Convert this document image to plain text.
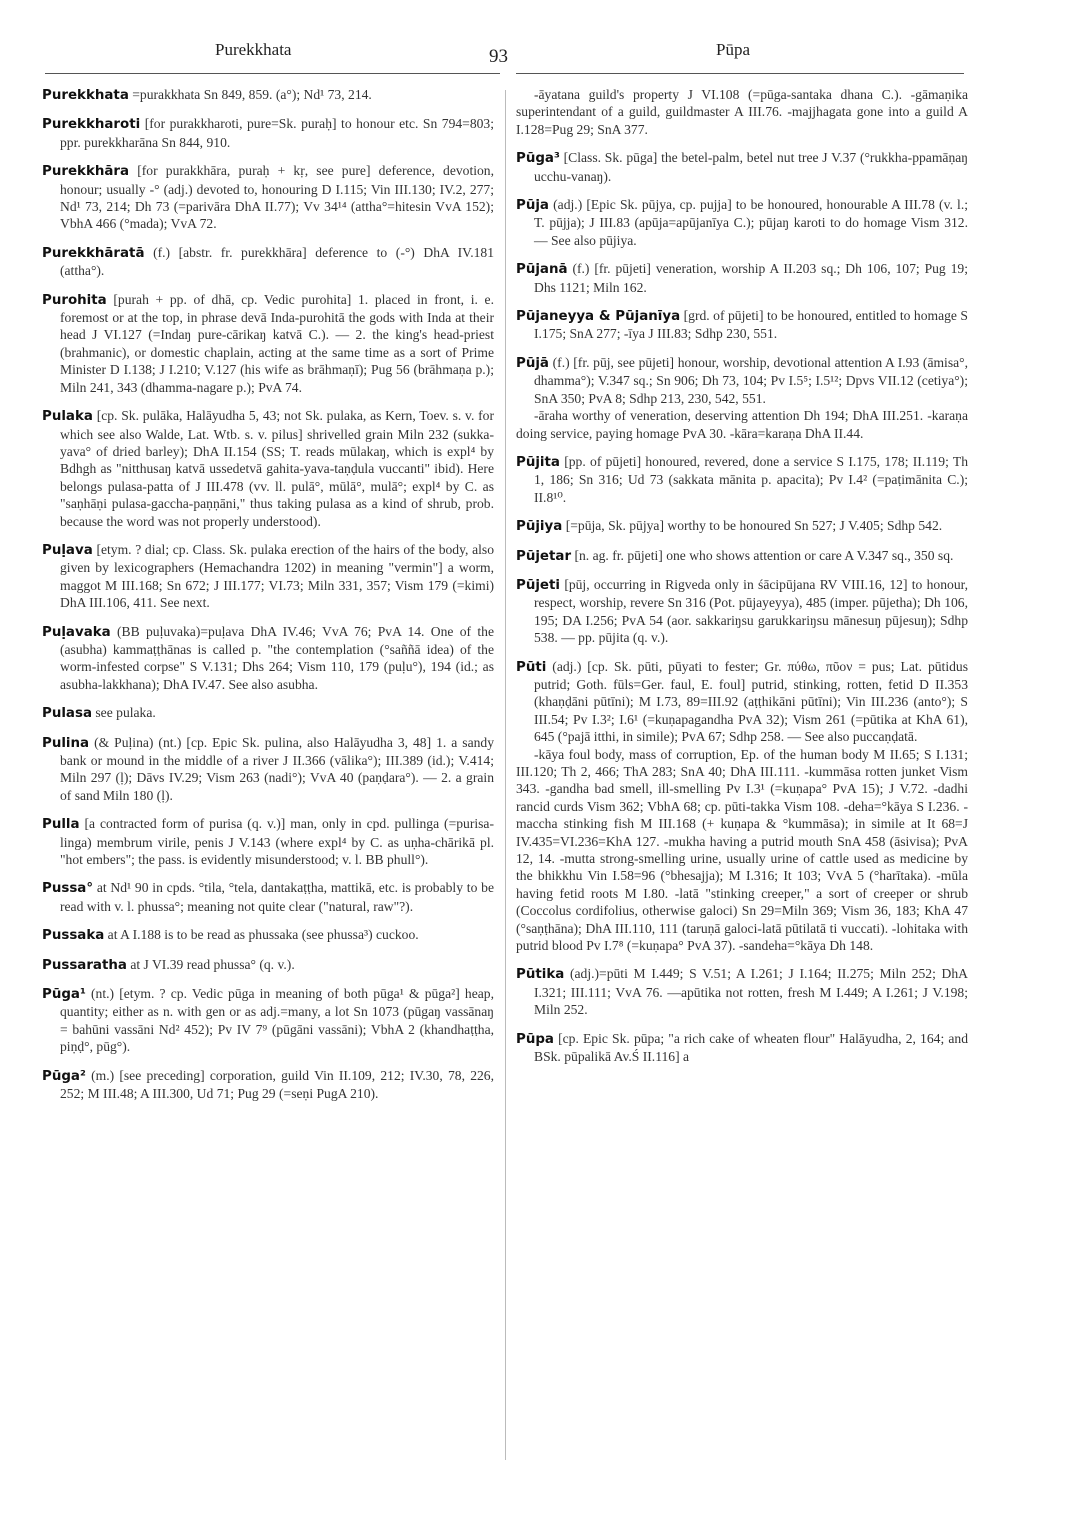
Purekkhata	93	Pūpa
Purekkhata =purakkhata Sn 849, 859. (a°); Nd¹ 73, 214.
Purekkharoti [for purakkharoti, pure=Sk. puraḥ] to honour etc. Sn 794=803; ppr. purekkharāna Sn 844, 910.
Purekkhāra [for purakkhāra, puraḥ + kṛ, see pure] deference, devotion, honour; usually -° (adj.) devoted to, honouring D I.115; Vin III.130; IV.2, 277; Nd¹ 73, 214; Dh 73 (=parivāra DhA II.77); Vv 34¹⁴ (attha°=hitesin VvA 152); VbhA 466 (°mada); VvA 72.
Purekkhāratā (f.) [abstr. fr. purekkhāra] deference to (-°) DhA IV.181 (attha°).
Purohita [purah + pp. of dhā, cp. Vedic purohita] 1. placed in front, i. e. foremost or at the top, in phrase devā Inda-purohitā the gods with Inda at their head J VI.127 (=Indaŋ pure-cārikaŋ katvā C.). — 2. the king's head-priest (brahmanic), or domestic chaplain, acting at the same time as a sort of Prime Minister D I.138; J I.210; V.127 (his wife as brāhmaṇī); Pug 56 (brāhmaṇa p.); Miln 241, 343 (dhamma-nagare p.); PvA 74.
Pulaka [cp. Sk. pulāka, Halāyudha 5, 43; not Sk. pulaka, as Kern, Toev. s. v. for which see also Walde, Lat. Wtb. s. v. pilus] shrivelled grain Miln 232 (sukka-yava° of dried barley); DhA II.154 (SS; T. reads mūlakaŋ, which is expl⁴ by Bdhgh as "nitthusaŋ katvā ussedetvā gahita-yava-taṇḍula vuccanti" ibid). Here belongs pulasa-patta of J III.478 (vv. ll. pulā°, mūlā°, mulā°; expl⁴ by C. as "saṇhāṇi pulasa-gaccha-paṇṇāni," thus taking pulasa as a kind of shrub, prob. because the word was not properly understood).
Puḷava [etym. ? dial; cp. Class. Sk. pulaka erection of the hairs of the body, also given by lexicographers (Hemachandra 1202) in meaning "vermin"] a worm, maggot M III.168; Sn 672; J III.177; VI.73; Miln 331, 357; Vism 179 (=kimi) DhA III.106, 411. See next.
Puḷavaka (BB puḷuvaka)=puḷava DhA IV.46; VvA 76; PvA 14. One of the (asubha) kammaṭṭhānas is called p. "the contemplation (°saññā idea) of the worm-infested corpse" S V.131; Dhs 264; Vism 110, 179 (puḷu°), 194 (id.; as asubha-lakkhana); DhA IV.47. See also asubha.
Pulasa see pulaka.
Pulina (& Puḷina) (nt.) [cp. Epic Sk. pulina, also Halāyudha 3, 48] 1. a sandy bank or mound in the middle of a river J II.366 (vālika°); III.389 (id.); V.414; Miln 297 (ḷ); Dāvs IV.29; Vism 263 (nadi°); VvA 40 (paṇḍara°). — 2. a grain of sand Miln 180 (ḷ).
Pulla [a contracted form of purisa (q. v.)] man, only in cpd. pullinga (=purisa-linga) membrum virile, penis J V.143 (where expl⁴ by C. as uṇha-chārikā pl. "hot embers"; the pass. is evidently misunderstood; v. l. BB phull°).
Pussa° at Nd¹ 90 in cpds. °tila, °tela, dantakaṭṭha, mattikā, etc. is probably to be read with v. l. phussa°; meaning not quite clear ("natural, raw"?).
Pussaka at A I.188 is to be read as phussaka (see phussa³) cuckoo.
Pussaratha at J VI.39 read phussa° (q. v.).
Pūga¹ (nt.) [etym. ? cp. Vedic pūga in meaning of both pūga¹ & pūga²] heap, quantity; either as n. with gen or as adj.=many, a lot Sn 1073 (pūgaŋ vassānaŋ = bahūni vassāni Nd² 452); Pv IV 7⁹ (pūgāni vassāni); VbhA 2 (khandhaṭṭha, piṇḍ°, pūg°).
Pūga² (m.) [see preceding] corporation, guild Vin II.109, 212; IV.30, 78, 226, 252; M III.48; A III.300, Ud 71; Pug 29 (=seṇi PugA 210).
-āyatana guild's property J VI.108 (=pūga-santaka dhana C.). -gāmaṇika superintendant of a guild, guildmaster A III.76. -majjhagata gone into a guild A I.128=Pug 29; SnA 377.
Pūga³ [Class. Sk. pūga] the betel-palm, betel nut tree J V.37 (°rukkha-ppamāṇaŋ ucchu-vanaŋ).
Pūja (adj.) [Epic Sk. pūjya, cp. pujja] to be honoured, honourable A III.78 (v. l.; T. pūjja); J III.83 (apūja=apūjanīya C.); pūjaŋ karoti to do homage Vism 312. — See also pūjiya.
Pūjanā (f.) [fr. pūjeti] veneration, worship A II.203 sq.; Dh 106, 107; Pug 19; Dhs 1121; Miln 162.
Pūjaneyya & Pūjanīya [grd. of pūjeti] to be honoured, entitled to homage S I.175; SnA 277; -īya J III.83; Sdhp 230, 551.
Pūjā (f.) [fr. pūj, see pūjeti] honour, worship, devotional attention A I.93 (āmisa°, dhamma°); V.347 sq.; Sn 906; Dh 73, 104; Pv I.5⁵; I.5¹²; Dpvs VII.12 (cetiya°); SnA 350; PvA 8; Sdhp 213, 230, 542, 551.
-āraha worthy of veneration, deserving attention Dh 194; DhA III.251. -karaṇa doing service, paying homage PvA 30. -kāra=karaṇa DhA II.44.
Pūjita [pp. of pūjeti] honoured, revered, done a service S I.175, 178; II.119; Th 1, 186; Sn 316; Ud 73 (sakkata mānita p. apacita); Pv I.4² (=paṭimānita C.); II.8¹⁰.
Pūjiya [=pūja, Sk. pūjya] worthy to be honoured Sn 527; J V.405; Sdhp 542.
Pūjetar [n. ag. fr. pūjeti] one who shows attention or care A V.347 sq., 350 sq.
Pūjeti [pūj, occurring in Rigveda only in śācipūjana RV VIII.16, 12] to honour, respect, worship, revere Sn 316 (Pot. pūjayeyya), 485 (imper. pūjetha); Dh 106, 195; DA I.256; PvA 54 (aor. sakkariŋsu garukkariŋsu mānesuŋ pūjesuŋ); Sdhp 538. — pp. pūjita (q. v.).
Pūti (adj.) [cp. Sk. pūti, pūyati to fester; Gr. πύθω, πῦον = pus; Lat. pūtidus putrid; Goth. fūls=Ger. faul, E. foul] putrid, stinking, rotten, fetid D II.353 (khaṇḍāni pūtīni); M I.73, 89=III.92 (aṭṭhikāni pūtīni); Vin III.236 (anto°); S III.54; Pv I.3²; I.6¹ (=kuṇapagandha PvA 32); Vism 261 (=pūtika at KhA 61), 645 (°pajā itthi, in simile); PvA 67; Sdhp 258. — See also puccaṇḍatā.
-kāya foul body, mass of corruption, Ep. of the human body M II.65; S I.131; III.120; Th 2, 466; ThA 283; SnA 40; DhA III.111. -kummāsa rotten junket Vism 343. -gandha bad smell, ill-smelling Pv I.3¹ (=kuṇapa° PvA 15); J V.72. -dadhi rancid curds Vism 362; VbhA 68; cp. pūti-takka Vism 108. -deha=°kāya S I.236. -maccha stinking fish M III.168 (+ kuṇapa & °kummāsa); in simile at It 68=J IV.435=VI.236=KhA 127. -mukha having a putrid mouth SnA 458 (āsivisa); PvA 12, 14. -mutta strong-smelling urine, usually urine of cattle used as medicine by the bhikkhu Vin I.58=96 (°bhesajja); M I.316; It 103; VvA 5 (°harītaka). -mūla having fetid roots M I.80. -latā "stinking creeper," a sort of creeper or shrub (Coccolus cordifolius, otherwise galoci) Sn 29=Miln 369; Vism 36, 183; KhA 47 (°saṇṭhāna); DhA III.110, 111 (taruṇā galoci-latā pūtilatā ti vuccati). -lohitaka with putrid blood Pv I.7⁸ (=kuṇapa° PvA 37). -sandeha=°kāya Dh 148.
Pūtika (adj.)=pūti M I.449; S V.51; A I.261; J I.164; II.275; Miln 252; DhA I.321; III.111; VvA 76. —apūtika not rotten, fresh M I.449; A I.261; J V.198; Miln 252.
Pūpa [cp. Epic Sk. pūpa; "a rich cake of wheaten flour" Halāyudha, 2, 164; and BSk. pūpalikā Av.Ś II.116] a
